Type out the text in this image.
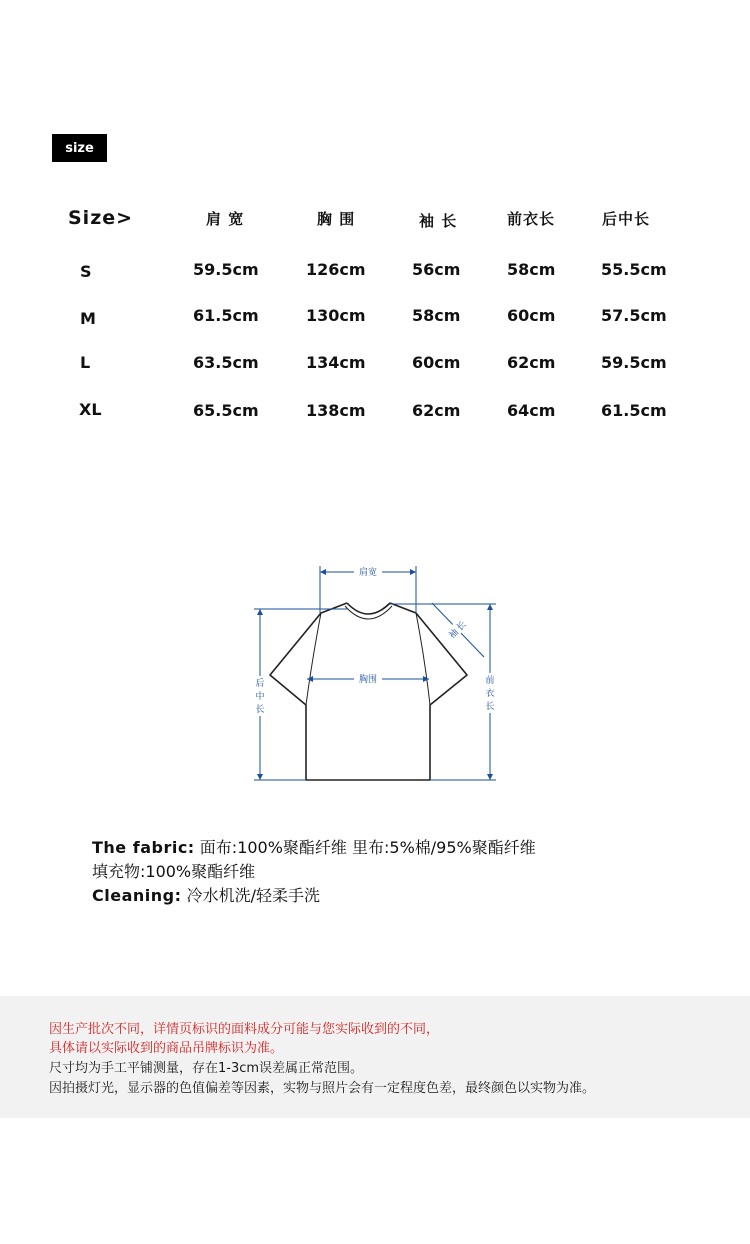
size
Size>	肩 宽	胸 围	袖 长	前衣长	后中长
S	59.5cm	126cm	56cm	58cm	55.5cm
M	61.5cm	130cm	58cm	60cm	57.5cm
L	63.5cm	134cm	60cm	62cm	59.5cm
XL	65.5cm	138cm	62cm	64cm	61.5cm
肩宽
胸围
后
中
长
前
衣
长
袖
长
The fabric: 面布:100%聚酯纤维 里布:5%棉/95%聚酯纤维
填充物:100%聚酯纤维
Cleaning: 冷水机洗/轻柔手洗
因生产批次不同，详情页标识的面料成分可能与您实际收到的不同，
具体请以实际收到的商品吊牌标识为准。
尺寸均为手工平铺测量，存在1-3cm误差属正常范围。
因拍摄灯光，显示器的色值偏差等因素，实物与照片会有一定程度色差，最终颜色以实物为准。
